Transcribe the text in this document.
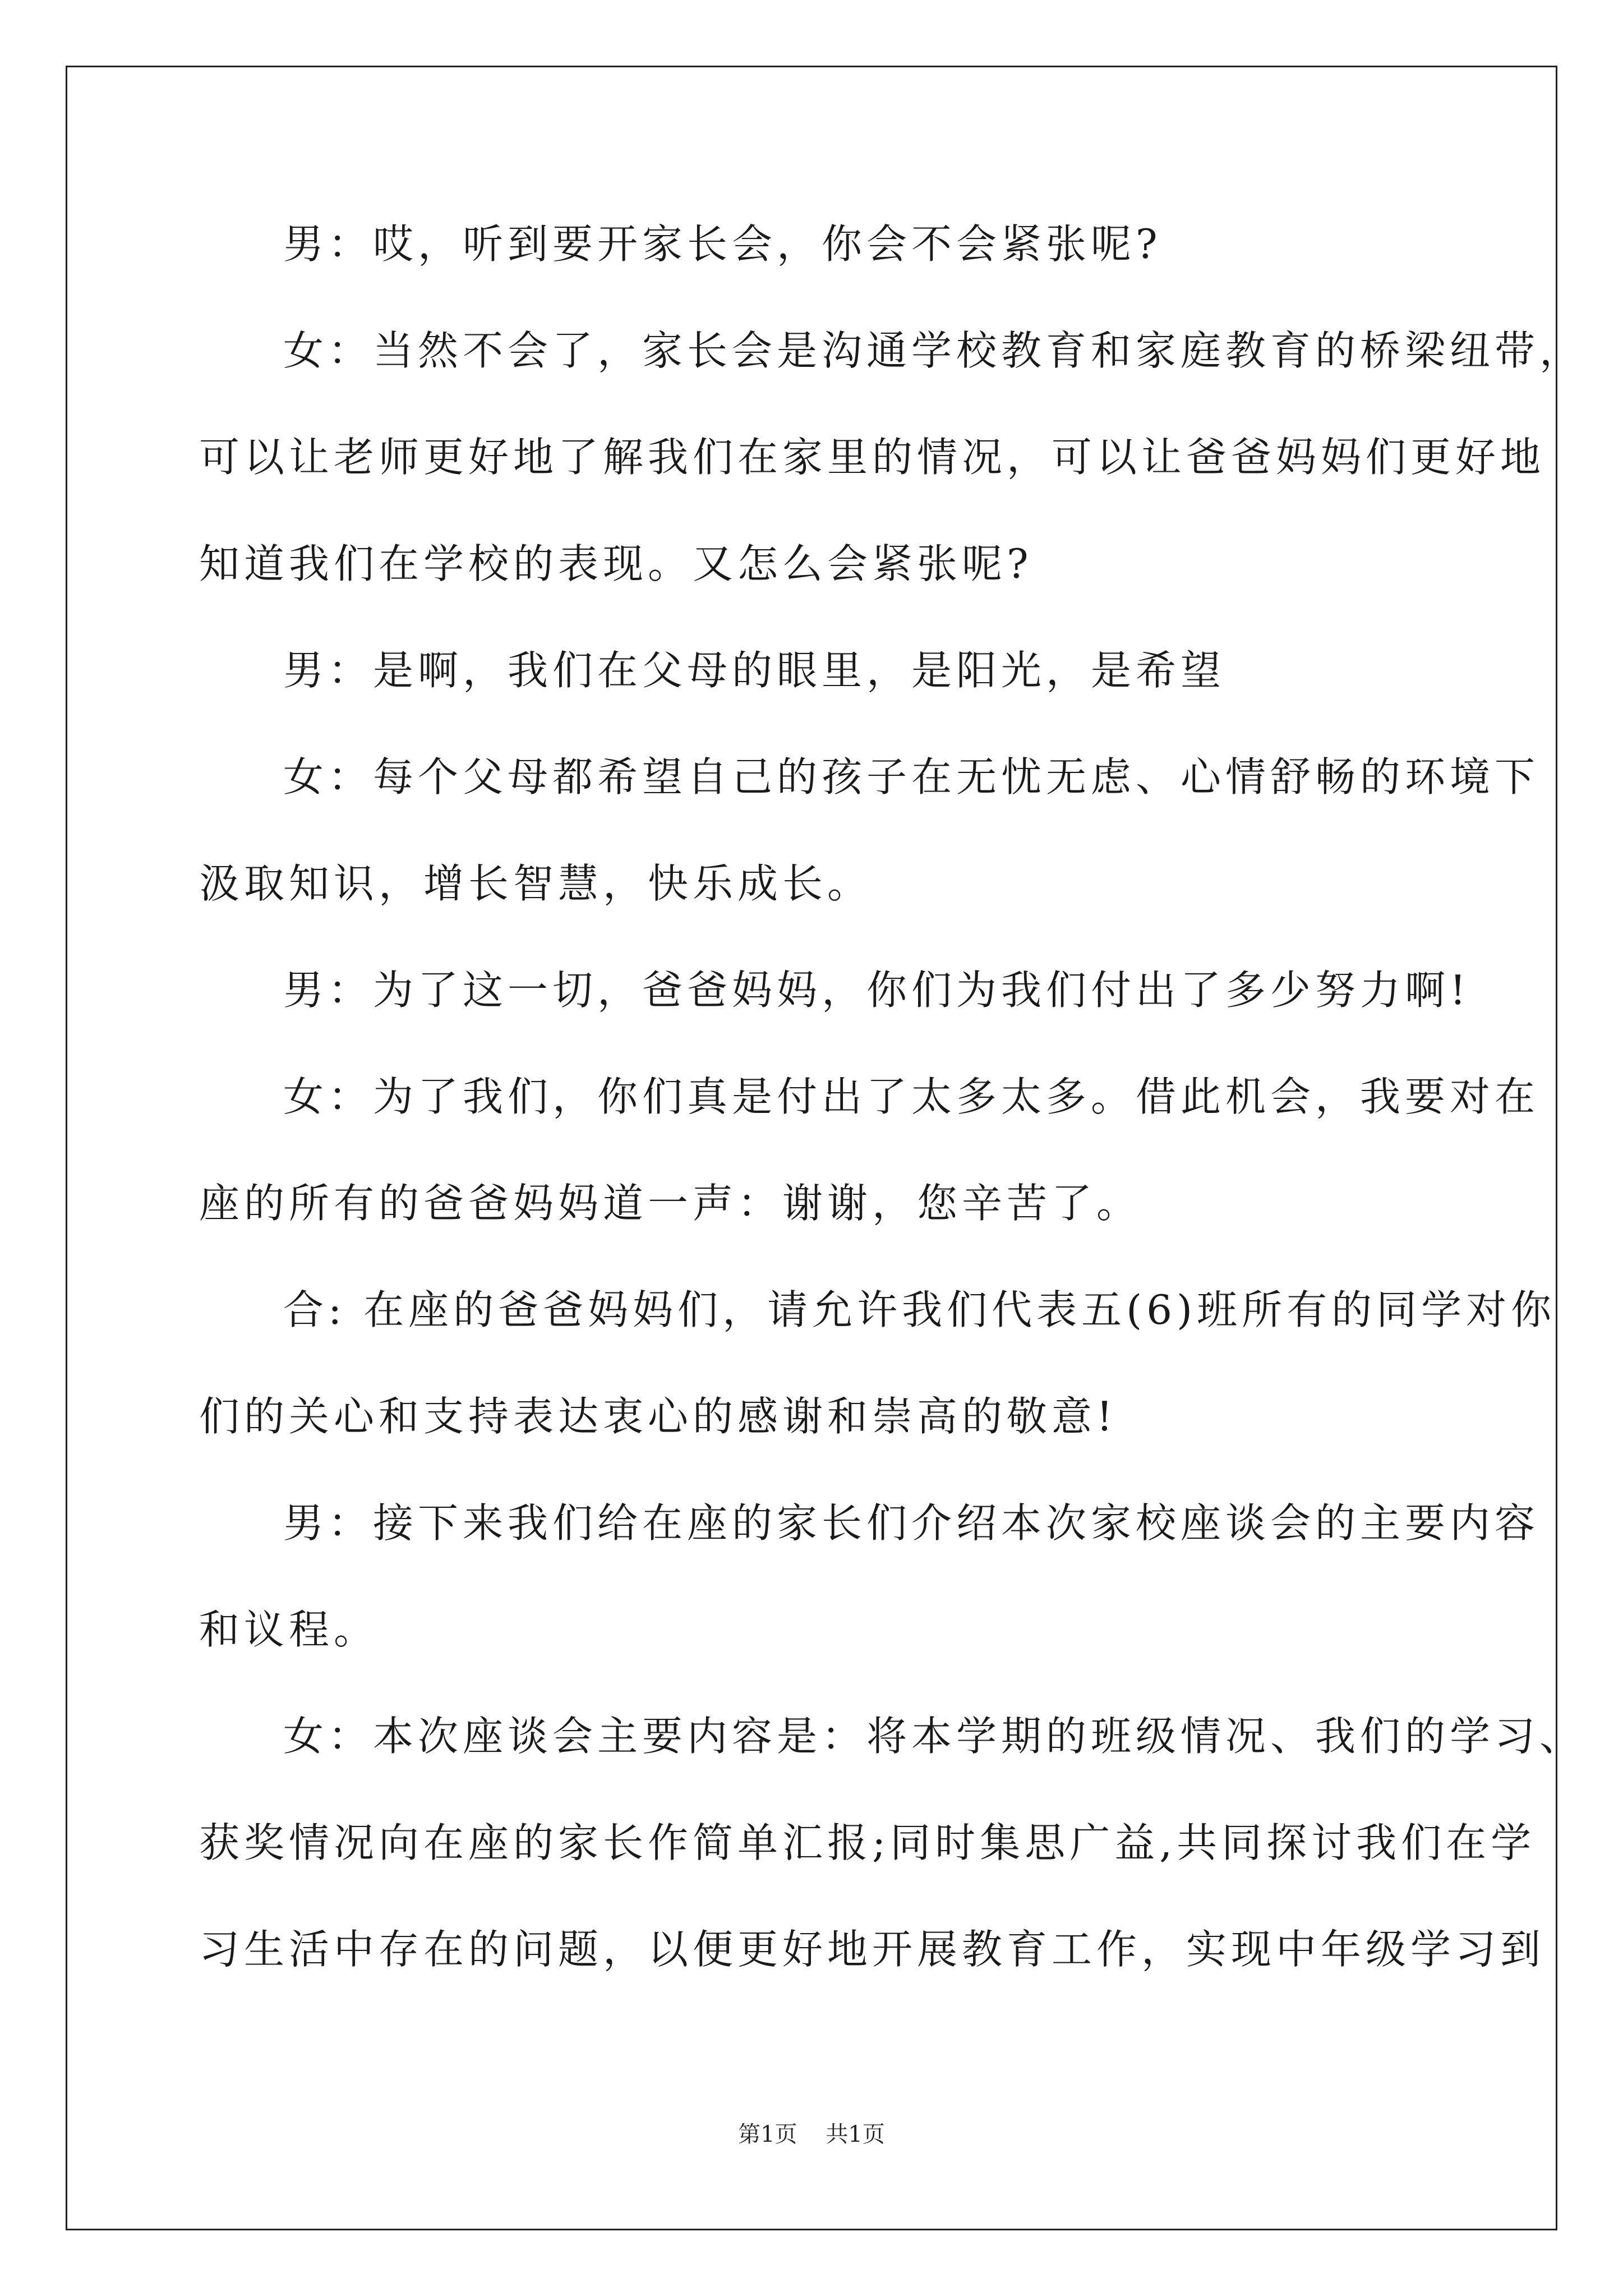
男：哎，听到要开家长会，你会不会紧张呢?
女：当然不会了，家长会是沟通学校教育和家庭教育的桥梁纽带，
可以让老师更好地了解我们在家里的情况，可以让爸爸妈妈们更好地
知道我们在学校的表现。又怎么会紧张呢?
男：是啊，我们在父母的眼里，是阳光，是希望
女：每个父母都希望自己的孩子在无忧无虑、心情舒畅的环境下
汲取知识，增长智慧，快乐成长。
男：为了这一切，爸爸妈妈，你们为我们付出了多少努力啊!
女：为了我们，你们真是付出了太多太多。借此机会，我要对在
座的所有的爸爸妈妈道一声：谢谢，您辛苦了。
合: 在座的爸爸妈妈们，请允许我们代表五(6)班所有的同学对你
们的关心和支持表达衷心的感谢和崇高的敬意!
男：接下来我们给在座的家长们介绍本次家校座谈会的主要内容
和议程。
女：本次座谈会主要内容是：将本学期的班级情况、我们的学习、
获奖情况向在座的家长作简单汇报;同时集思广益,共同探讨我们在学
习生活中存在的问题，以便更好地开展教育工作，实现中年级学习到
第1页    共1页
